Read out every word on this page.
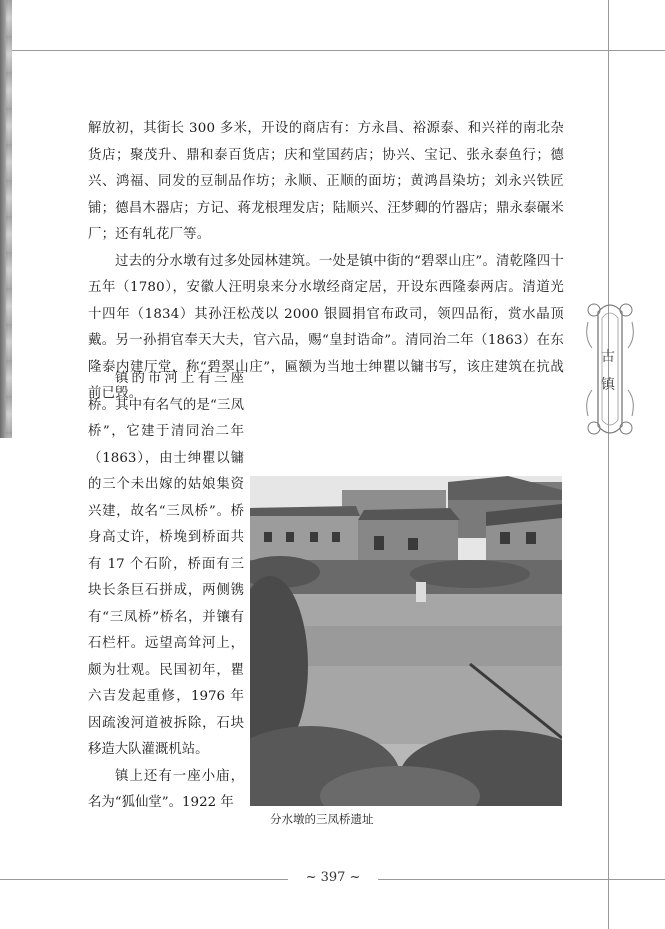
解放初，其街长 300 多米，开设的商店有：方永昌、裕源泰、和兴祥的南北杂货店；聚茂升、鼎和泰百货店；庆和堂国药店；协兴、宝记、张永泰鱼行；德兴、鸿福、同发的豆制品作坊；永顺、正顺的面坊；黄鸿昌染坊；刘永兴铁匠铺；德昌木器店；方记、蒋龙根理发店；陆顺兴、汪梦卿的竹器店；鼎永泰碾米厂；还有轧花厂等。

过去的分水墩有过多处园林建筑。一处是镇中街的“碧翠山庄”。清乾隆四十五年（1780），安徽人汪明泉来分水墩经商定居，开设东西隆泰两店。清道光十四年（1834）其孙汪松茂以 2000 银圆捐官布政司，领四品衔，赏水晶顶戴。另一孙捐官奉天大夫，官六品，赐“皇封诰命”。清同治二年（1863）在东隆泰内建厅堂，称“碧翠山庄”，匾额为当地士绅瞿以镛书写，该庄建筑在抗战前已毁。

镇的市河上有三座桥。其中有名气的是“三凤桥”，它建于清同治二年（1863），由士绅瞿以镛的三个未出嫁的姑娘集资兴建，故名“三凤桥”。桥身高丈许，桥堍到桥面共有 17 个石阶，桥面有三块长条巨石拼成，两侧镌有“三凤桥”桥名，并镶有石栏杆。远望高耸河上，颇为壮观。民国初年，瞿六吉发起重修，1976 年因疏浚河道被拆除，石块移造大队灌溉机站。

镇上还有一座小庙，名为“狐仙堂”。1922 年

分水墩的三凤桥遗址
古
镇
~ 397 ~
